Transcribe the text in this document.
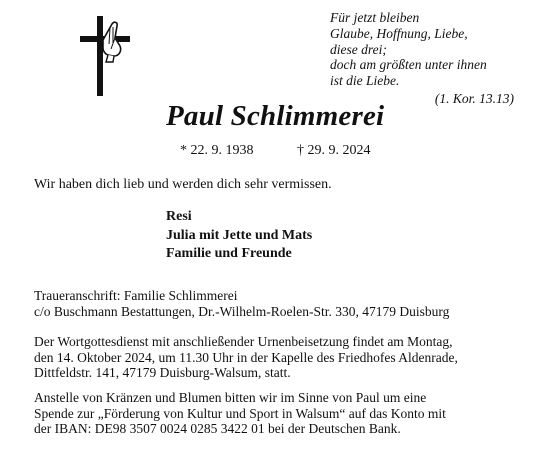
Für jetzt bleiben
Glaube, Hoffnung, Liebe,
diese drei;
doch am größten unter ihnen
ist die Liebe.
(1. Kor. 13.13)
Paul Schlimmerei
* 22. 9. 1938	† 29. 9. 2024
Wir haben dich lieb und werden dich sehr vermissen.
Resi
Julia mit Jette und Mats
Familie und Freunde
Traueranschrift: Familie Schlimmerei
c/o Buschmann Bestattungen, Dr.-Wilhelm-Roelen-Str. 330, 47179 Duisburg
Der Wortgottesdienst mit anschließender Urnenbeisetzung findet am Montag,
den 14. Oktober 2024, um 11.30 Uhr in der Kapelle des Friedhofes Aldenrade,
Dittfeldstr. 141, 47179 Duisburg-Walsum, statt.
Anstelle von Kränzen und Blumen bitten wir im Sinne von Paul um eine
Spende zur „Förderung von Kultur und Sport in Walsum“ auf das Konto mit
der IBAN: DE98 3507 0024 0285 3422 01 bei der Deutschen Bank.
